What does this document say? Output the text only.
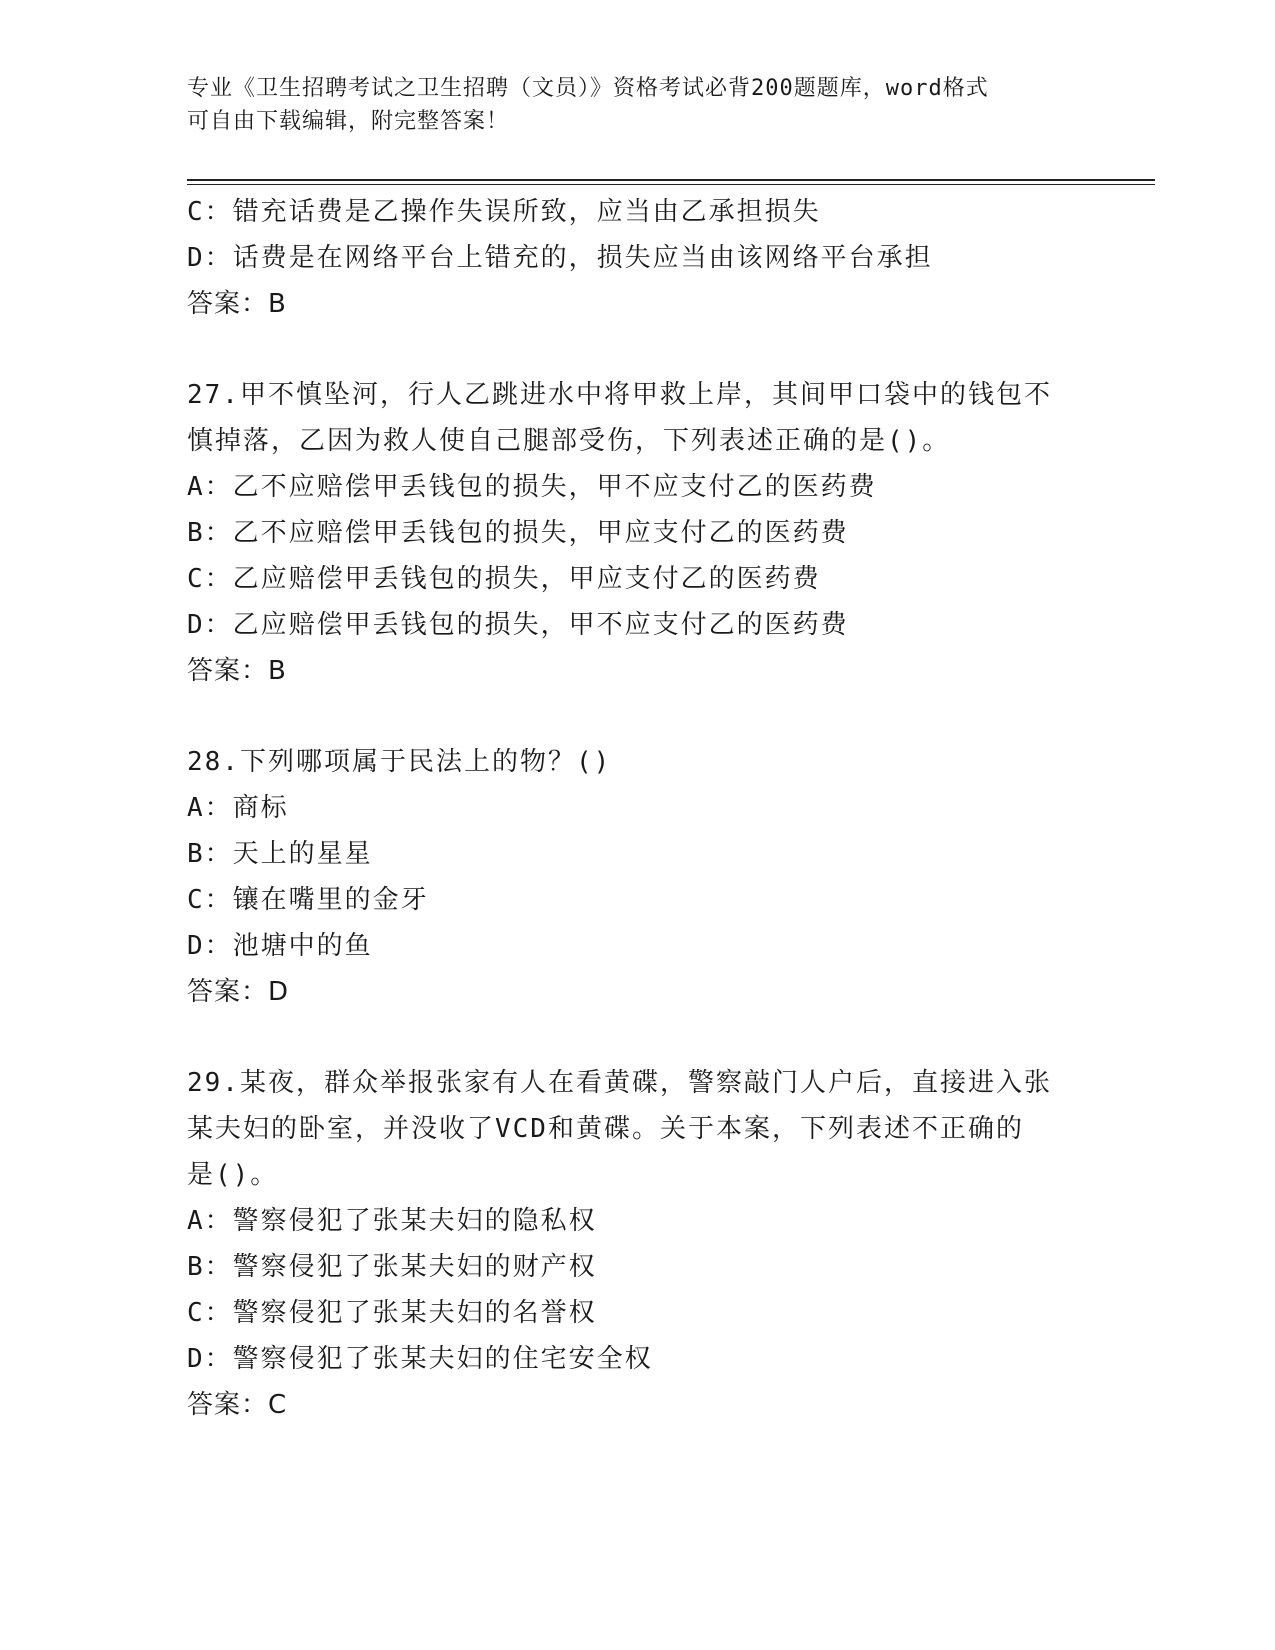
专业《卫生招聘考试之卫生招聘（文员）》资格考试必背200题题库，word格式
可自由下载编辑，附完整答案！
C：错充话费是乙操作失误所致，应当由乙承担损失
D：话费是在网络平台上错充的，损失应当由该网络平台承担
答案：B
27.甲不慎坠河，行人乙跳进水中将甲救上岸，其间甲口袋中的钱包不
慎掉落，乙因为救人使自己腿部受伤，下列表述正确的是()。
A：乙不应赔偿甲丢钱包的损失，甲不应支付乙的医药费
B：乙不应赔偿甲丢钱包的损失，甲应支付乙的医药费
C：乙应赔偿甲丢钱包的损失，甲应支付乙的医药费
D：乙应赔偿甲丢钱包的损失，甲不应支付乙的医药费
答案：B
28.下列哪项属于民法上的物？()
A：商标
B：天上的星星
C：镶在嘴里的金牙
D：池塘中的鱼
答案：D
29.某夜，群众举报张家有人在看黄碟，警察敲门人户后，直接进入张
某夫妇的卧室，并没收了VCD和黄碟。关于本案，下列表述不正确的
是()。
A：警察侵犯了张某夫妇的隐私权
B：警察侵犯了张某夫妇的财产权
C：警察侵犯了张某夫妇的名誉权
D：警察侵犯了张某夫妇的住宅安全权
答案：C
